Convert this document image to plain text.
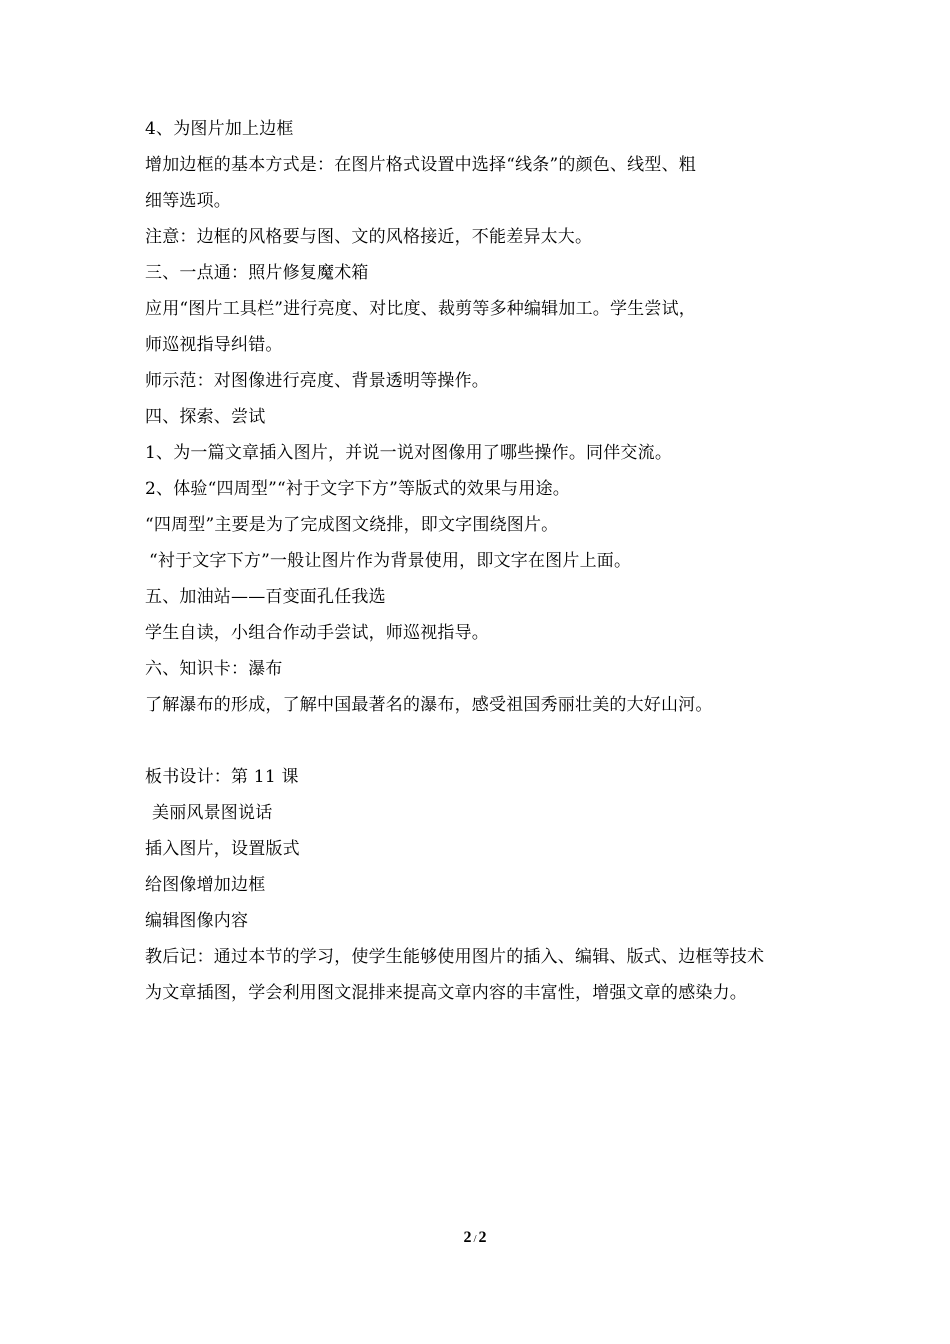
4、为图片加上边框
增加边框的基本方式是：在图片格式设置中选择“线条”的颜色、线型、粗
细等选项。
注意：边框的风格要与图、文的风格接近，不能差异太大。
三、一点通：照片修复魔术箱
应用“图片工具栏”进行亮度、对比度、裁剪等多种编辑加工。学生尝试，
师巡视指导纠错。
师示范：对图像进行亮度、背景透明等操作。
四、探索、尝试
1、为一篇文章插入图片，并说一说对图像用了哪些操作。同伴交流。
2、体验“四周型”“衬于文字下方”等版式的效果与用途。
“四周型”主要是为了完成图文绕排，即文字围绕图片。
“衬于文字下方”一般让图片作为背景使用，即文字在图片上面。
五、加油站——百变面孔任我选
学生自读，小组合作动手尝试，师巡视指导。
六、知识卡：瀑布
了解瀑布的形成，了解中国最著名的瀑布，感受祖国秀丽壮美的大好山河。
板书设计：第 11 课
美丽风景图说话
插入图片，设置版式
给图像增加边框
编辑图像内容
教后记：通过本节的学习，使学生能够使用图片的插入、编辑、版式、边框等技术
为文章插图，学会利用图文混排来提高文章内容的丰富性，增强文章的感染力。
2 / 2
